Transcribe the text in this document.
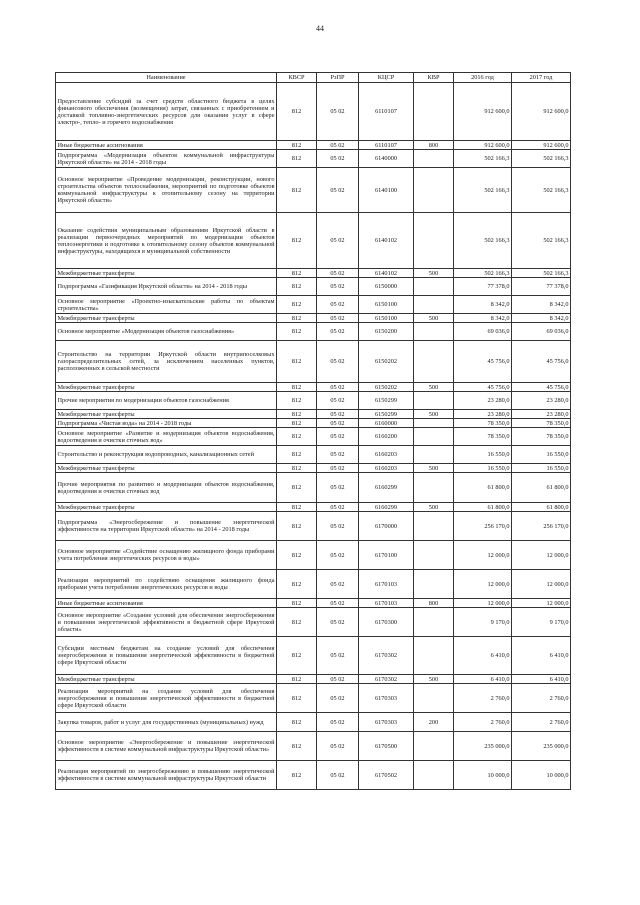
44
Наименование	КВСР	РзПР	КЦСР	КВР	2016 год	2017 год
Предоставление субсидий за счет средств областного бюджета в целях финансового обеспечения (возмещения) затрат, связанных с приобретением и доставкой топливно-энергетических ресурсов для оказания услуг в сфере электро-, тепло- и горячего водоснабжения	812	05 02	6110107		912 600,0	912 600,0
Иные бюджетные ассигнования	812	05 02	6110107	800	912 600,0	912 600,0
Подпрограмма «Модернизация объектов коммунальной инфраструктуры Иркутской области» на 2014 - 2018 годы	812	05 02	6140000		502 166,3	502 166,3
Основное мероприятие «Проведение модернизации, реконструкции, нового строительства объектов теплоснабжения, мероприятий по подготовке объектов коммунальной инфраструктуры к отопительному сезону на территории Иркутской области»	812	05 02	6140100		502 166,3	502 166,3
Оказание содействия муниципальным образованиям Иркутской области в реализации первоочередных мероприятий по модернизации объектов теплоэнергетики и подготовке к отопительному сезону объектов коммунальной инфраструктуры, находящихся в муниципальной собственности	812	05 02	6140102		502 166,3	502 166,3
Межбюджетные трансферты	812	05 02	6140102	500	502 166,3	502 166,3
Подпрограмма «Газификация Иркутской области» на 2014 - 2018 годы	812	05 02	6150000		77 378,0	77 378,0
Основное мероприятие «Проектно-изыскательские работы по объектам строительства»	812	05 02	6150100		8 342,0	8 342,0
Межбюджетные трансферты	812	05 02	6150100	500	8 342,0	8 342,0
Основное мероприятие «Модернизация объектов газоснабжения»	812	05 02	6150200		69 036,0	69 036,0
Строительство на территории Иркутской области внутрипоселковых газораспределительных сетей, за исключением населенных пунктов, расположенных в сельской местности	812	05 02	6150202		45 756,0	45 756,0
Межбюджетные трансферты	812	05 02	6150202	500	45 756,0	45 756,0
Прочие мероприятия по модернизации объектов газоснабжения	812	05 02	6150299		23 280,0	23 280,0
Межбюджетные трансферты	812	05 02	6150299	500	23 280,0	23 280,0
Подпрограмма «Чистая вода» на 2014 - 2018 годы	812	05 02	6160000		78 350,0	78 350,0
Основное мероприятие «Развитие и модернизация объектов водоснабжения, водоотведения и очистки сточных вод»	812	05 02	6160200		78 350,0	78 350,0
Строительство и реконструкция водопроводных, канализационных сетей	812	05 02	6160203		16 550,0	16 550,0
Межбюджетные трансферты	812	05 02	6160203	500	16 550,0	16 550,0
Прочие мероприятия по развитию и модернизации объектов водоснабжения, водоотведения и очистки сточных вод	812	05 02	6160299		61 800,0	61 800,0
Межбюджетные трансферты	812	05 02	6160299	500	61 800,0	61 800,0
Подпрограмма «Энергосбережение и повышение энергетической эффективности на территории Иркутской области» на 2014 - 2018 годы	812	05 02	6170000		256 170,0	256 170,0
Основное мероприятие «Содействие оснащению жилищного фонда приборами учета потребления энергетических ресурсов и воды»	812	05 02	6170100		12 000,0	12 000,0
Реализация мероприятий по содействию оснащения жилищного фонда приборами учета потребления энергетических ресурсов и воды	812	05 02	6170103		12 000,0	12 000,0
Иные бюджетные ассигнования	812	05 02	6170103	800	12 000,0	12 000,0
Основное мероприятие «Создание условий для обеспечения энергосбережения и повышения энергетической эффективности в бюджетной сфере Иркутской области»	812	05 02	6170300		9 170,0	9 170,0
Субсидии местным бюджетам на создание условий для обеспечения энергосбережения и повышения энергетической эффективности в бюджетной сфере Иркутской области	812	05 02	6170302		6 410,0	6 410,0
Межбюджетные трансферты	812	05 02	6170302	500	6 410,0	6 410,0
Реализация мероприятий на создание условий для обеспечения энергосбережения и повышения энергетической эффективности в бюджетной сфере Иркутской области	812	05 02	6170303		2 760,0	2 760,0
Закупка товаров, работ и услуг для государственных (муниципальных) нужд	812	05 02	6170303	200	2 760,0	2 760,0
Основное мероприятие «Энергосбережение и повышение энергетической эффективности в системе коммунальной инфраструктуры Иркутской области»	812	05 02	6170500		235 000,0	235 000,0
Реализация мероприятий по энергосбережению и повышению энергетической эффективности в системе коммунальной инфраструктуры Иркутской области	812	05 02	6170502		10 000,0	10 000,0
